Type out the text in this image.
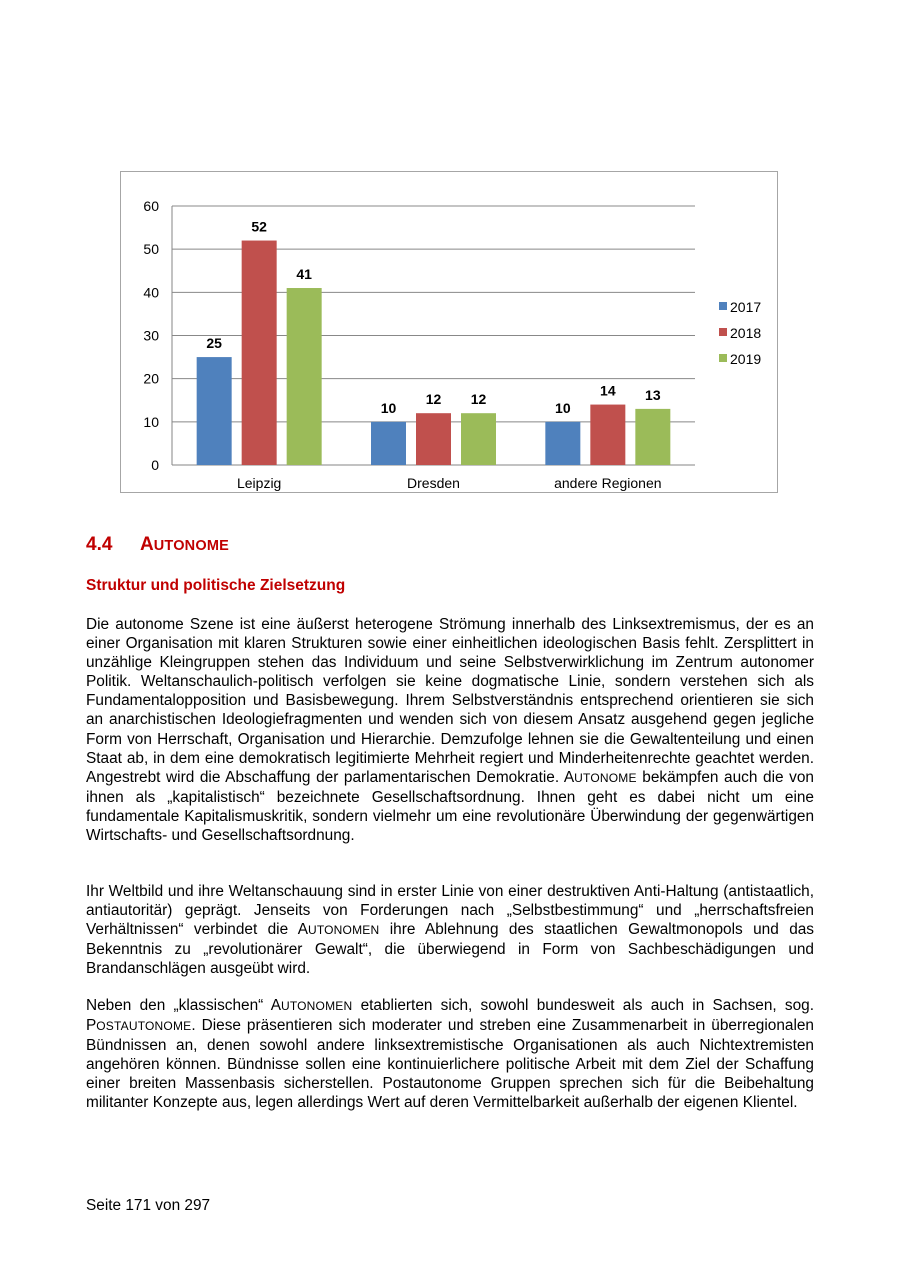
0
10
20
30
40
50
60
25
52
41
Leipzig
10
12 12
Dresden
10
14 13
andere Regionen
2017
2018
2019
4.4 AUTONOME
Struktur und politische Zielsetzung

Die autonome Szene ist eine äußerst heterogene Strömung innerhalb des Linksextremismus, der es an einer Organisation mit klaren Strukturen sowie einer einheitlichen ideologischen Basis fehlt. Zersplittert in unzählige Kleingruppen stehen das Individuum und seine Selbstverwirklichung im Zentrum autonomer Politik. Weltanschaulich-politisch verfolgen sie keine dogmatische Linie, sondern verstehen sich als Fundamentalopposition und Basisbewegung. Ihrem Selbstverständnis entsprechend orientieren sie sich an anarchistischen Ideologiefragmenten und wenden sich von diesem Ansatz ausgehend gegen jegliche Form von Herrschaft, Organisation und Hierarchie. Demzufolge lehnen sie die Gewaltenteilung und einen Staat ab, in dem eine demokratisch legitimierte Mehrheit regiert und Minderheitenrechte geachtet werden. Angestrebt wird die Abschaffung der parlamentarischen Demokratie. AUTONOME bekämpfen auch die von ihnen als „kapitalistisch“ bezeichnete Gesellschaftsordnung. Ihnen geht es dabei nicht um eine fundamentale Kapitalismuskritik, sondern vielmehr um eine revolutionäre Überwindung der gegenwärtigen Wirtschafts- und Gesellschaftsordnung.

Ihr Weltbild und ihre Weltanschauung sind in erster Linie von einer destruktiven Anti-Haltung (antistaatlich, antiautoritär) geprägt. Jenseits von Forderungen nach „Selbstbestimmung“ und „herrschaftsfreien Verhältnissen“ verbindet die AUTONOMEN ihre Ablehnung des staatlichen Gewaltmonopols und das Bekenntnis zu „revolutionärer Gewalt“, die überwiegend in Form von Sachbeschädigungen und Brandanschlägen ausgeübt wird.

Neben den „klassischen“ AUTONOMEN etablierten sich, sowohl bundesweit als auch in Sachsen, sog. POSTAUTONOME. Diese präsentieren sich moderater und streben eine Zusammenarbeit in überregionalen Bündnissen an, denen sowohl andere linksextremistische Organisationen als auch Nichtextremisten angehören können. Bündnisse sollen eine kontinuierlichere politische Arbeit mit dem Ziel der Schaffung einer breiten Massenbasis sicherstellen. Postautonome Gruppen sprechen sich für die Beibehaltung militanter Konzepte aus, legen allerdings Wert auf deren Vermittelbarkeit außerhalb der eigenen Klientel.

Seite 171 von 297
